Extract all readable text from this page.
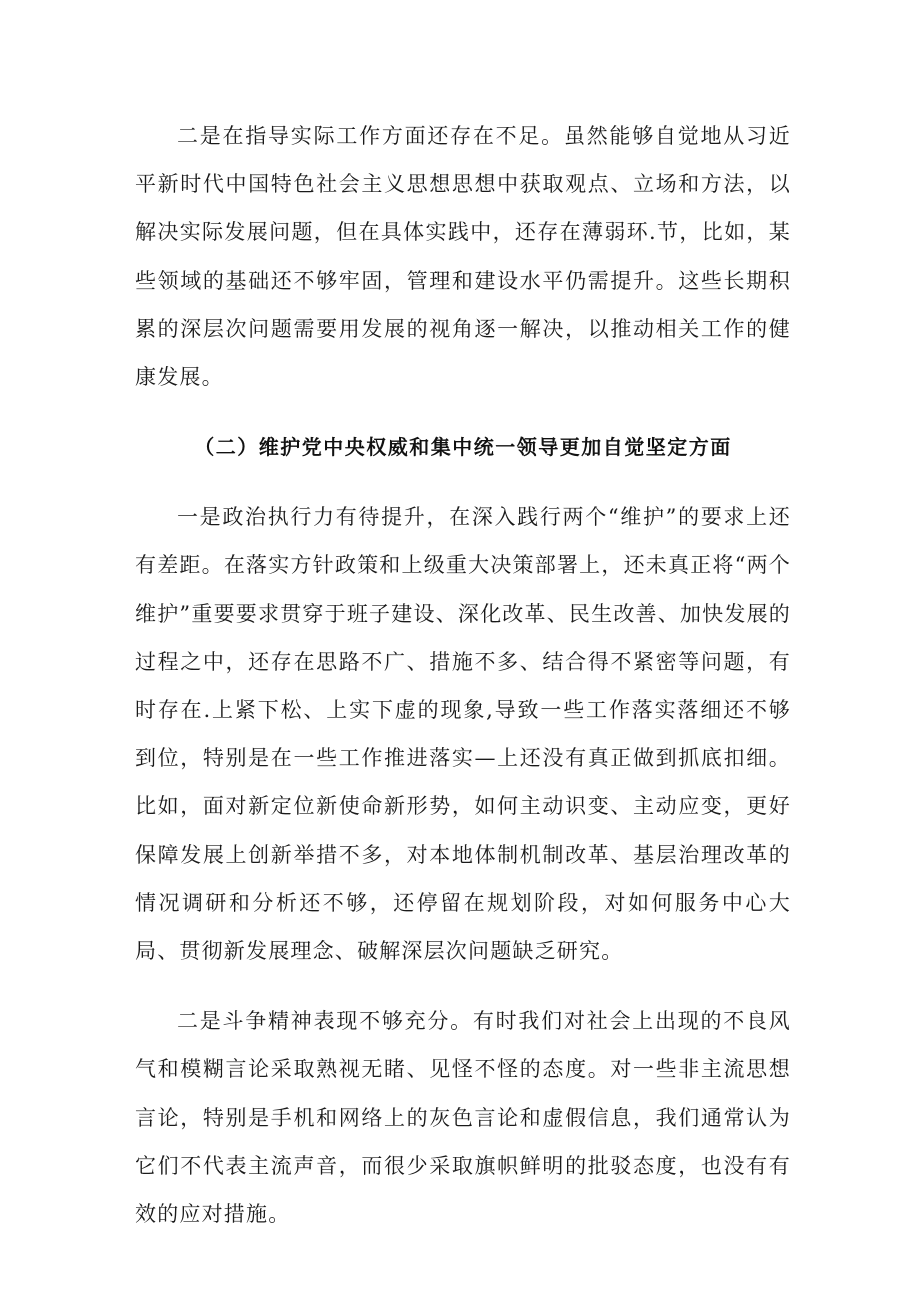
二是在指导实际工作方面还存在不足。虽然能够自觉地从习近平新时代中国特色社会主义思想思想中获取观点、立场和方法，以解决实际发展问题，但在具体实践中，还存在薄弱环.节，比如，某些领域的基础还不够牢固，管理和建设水平仍需提升。这些长期积累的深层次问题需要用发展的视角逐一解决，以推动相关工作的健康发展。

（二）维护党中央权威和集中统一领导更加自觉坚定方面

一是政治执行力有待提升，在深入践行两个“维护”的要求上还有差距。在落实方针政策和上级重大决策部署上，还未真正将“两个维护”重要要求贯穿于班子建设、深化改革、民生改善、加快发展的过程之中，还存在思路不广、措施不多、结合得不紧密等问题，有时存在.上紧下松、上实下虚的现象,导致一些工作落实落细还不够到位，特别是在一些工作推进落实—上还没有真正做到抓底扣细。比如，面对新定位新使命新形势，如何主动识变、主动应变，更好保障发展上创新举措不多，对本地体制机制改革、基层治理改革的情况调研和分析还不够，还停留在规划阶段，对如何服务中心大局、贯彻新发展理念、破解深层次问题缺乏研究。

二是斗争精神表现不够充分。有时我们对社会上出现的不良风气和模糊言论采取熟视无睹、见怪不怪的态度。对一些非主流思想言论，特别是手机和网络上的灰色言论和虚假信息，我们通常认为它们不代表主流声音，而很少采取旗帜鲜明的批驳态度，也没有有效的应对措施。
